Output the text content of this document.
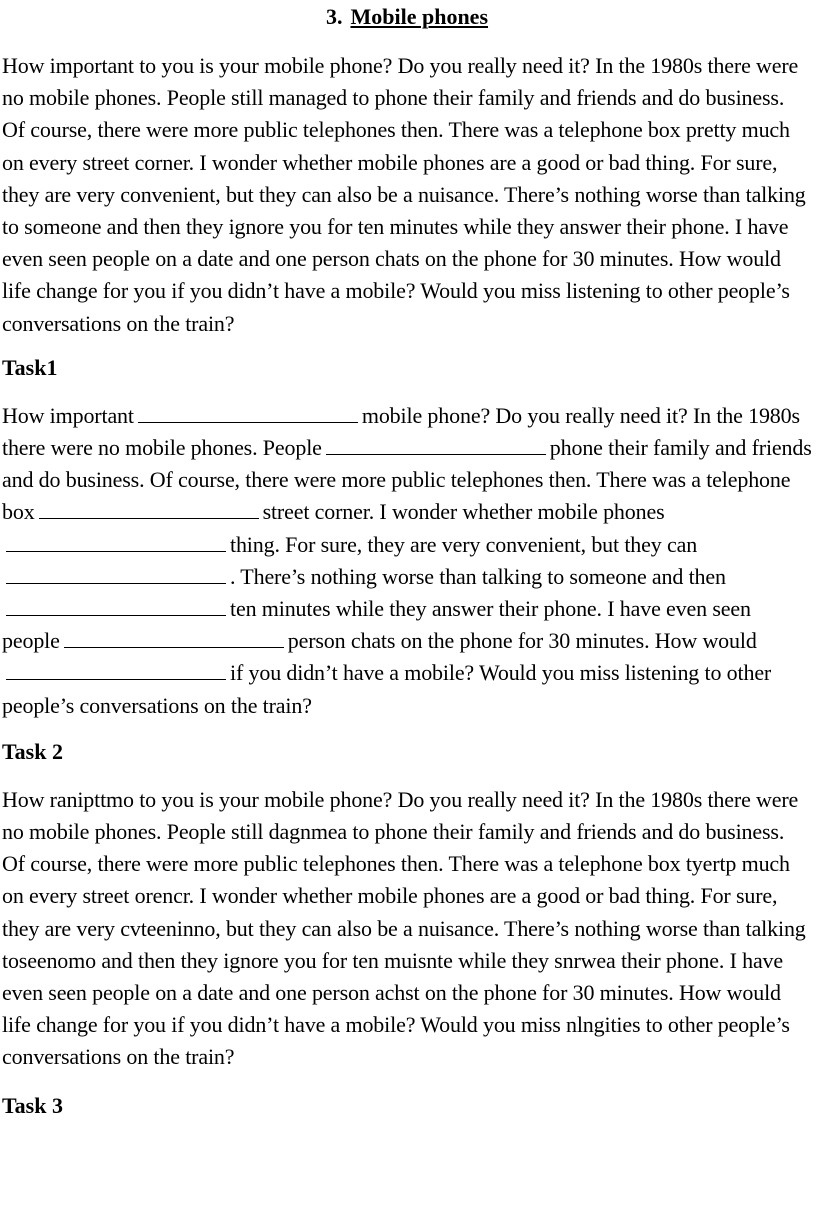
3. Mobile phones

How important to you is your mobile phone? Do you really need it? In the 1980s there were no mobile phones. People still managed to phone their family and friends and do business. Of course, there were more public telephones then. There was a telephone box pretty much on every street corner. I wonder whether mobile phones are a good or bad thing. For sure, they are very convenient, but they can also be a nuisance. There’s nothing worse than talking to someone and then they ignore you for ten minutes while they answer their phone. I have even seen people on a date and one person chats on the phone for 30 minutes. How would life change for you if you didn’t have a mobile? Would you miss listening to other people’s conversations on the train?

Task1

How important	mobile phone? Do you really need it? In the 1980s there were no mobile phones. People	phone their family and friends and do business. Of course, there were more public telephones then. There was a telephone box	street corner. I wonder whether mobile phonesthing. For sure, they are very convenient, but they can. There’s nothing worse than talking to someone and thenten minutes while they answer their phone. I have even seen people	person chats on the phone for 30 minutes. How wouldif you didn’t have a mobile? Would you miss listening to other people’s conversations on the train?

Task 2

How ranipttmo to you is your mobile phone? Do you really need it? In the 1980s there were no mobile phones. People still dagnmea to phone their family and friends and do business. Of course, there were more public telephones then. There was a telephone box tyertp much on every street orencr. I wonder whether mobile phones are a good or bad thing. For sure, they are very cvteeninno, but they can also be a nuisance. There’s nothing worse than talking toseenomo and then they ignore you for ten muisnte while they snrwea their phone. I have even seen people on a date and one person achst on the phone for 30 minutes. How would life change for you if you didn’t have a mobile? Would you miss nlngities to other people’s conversations on the train?

Task 3
